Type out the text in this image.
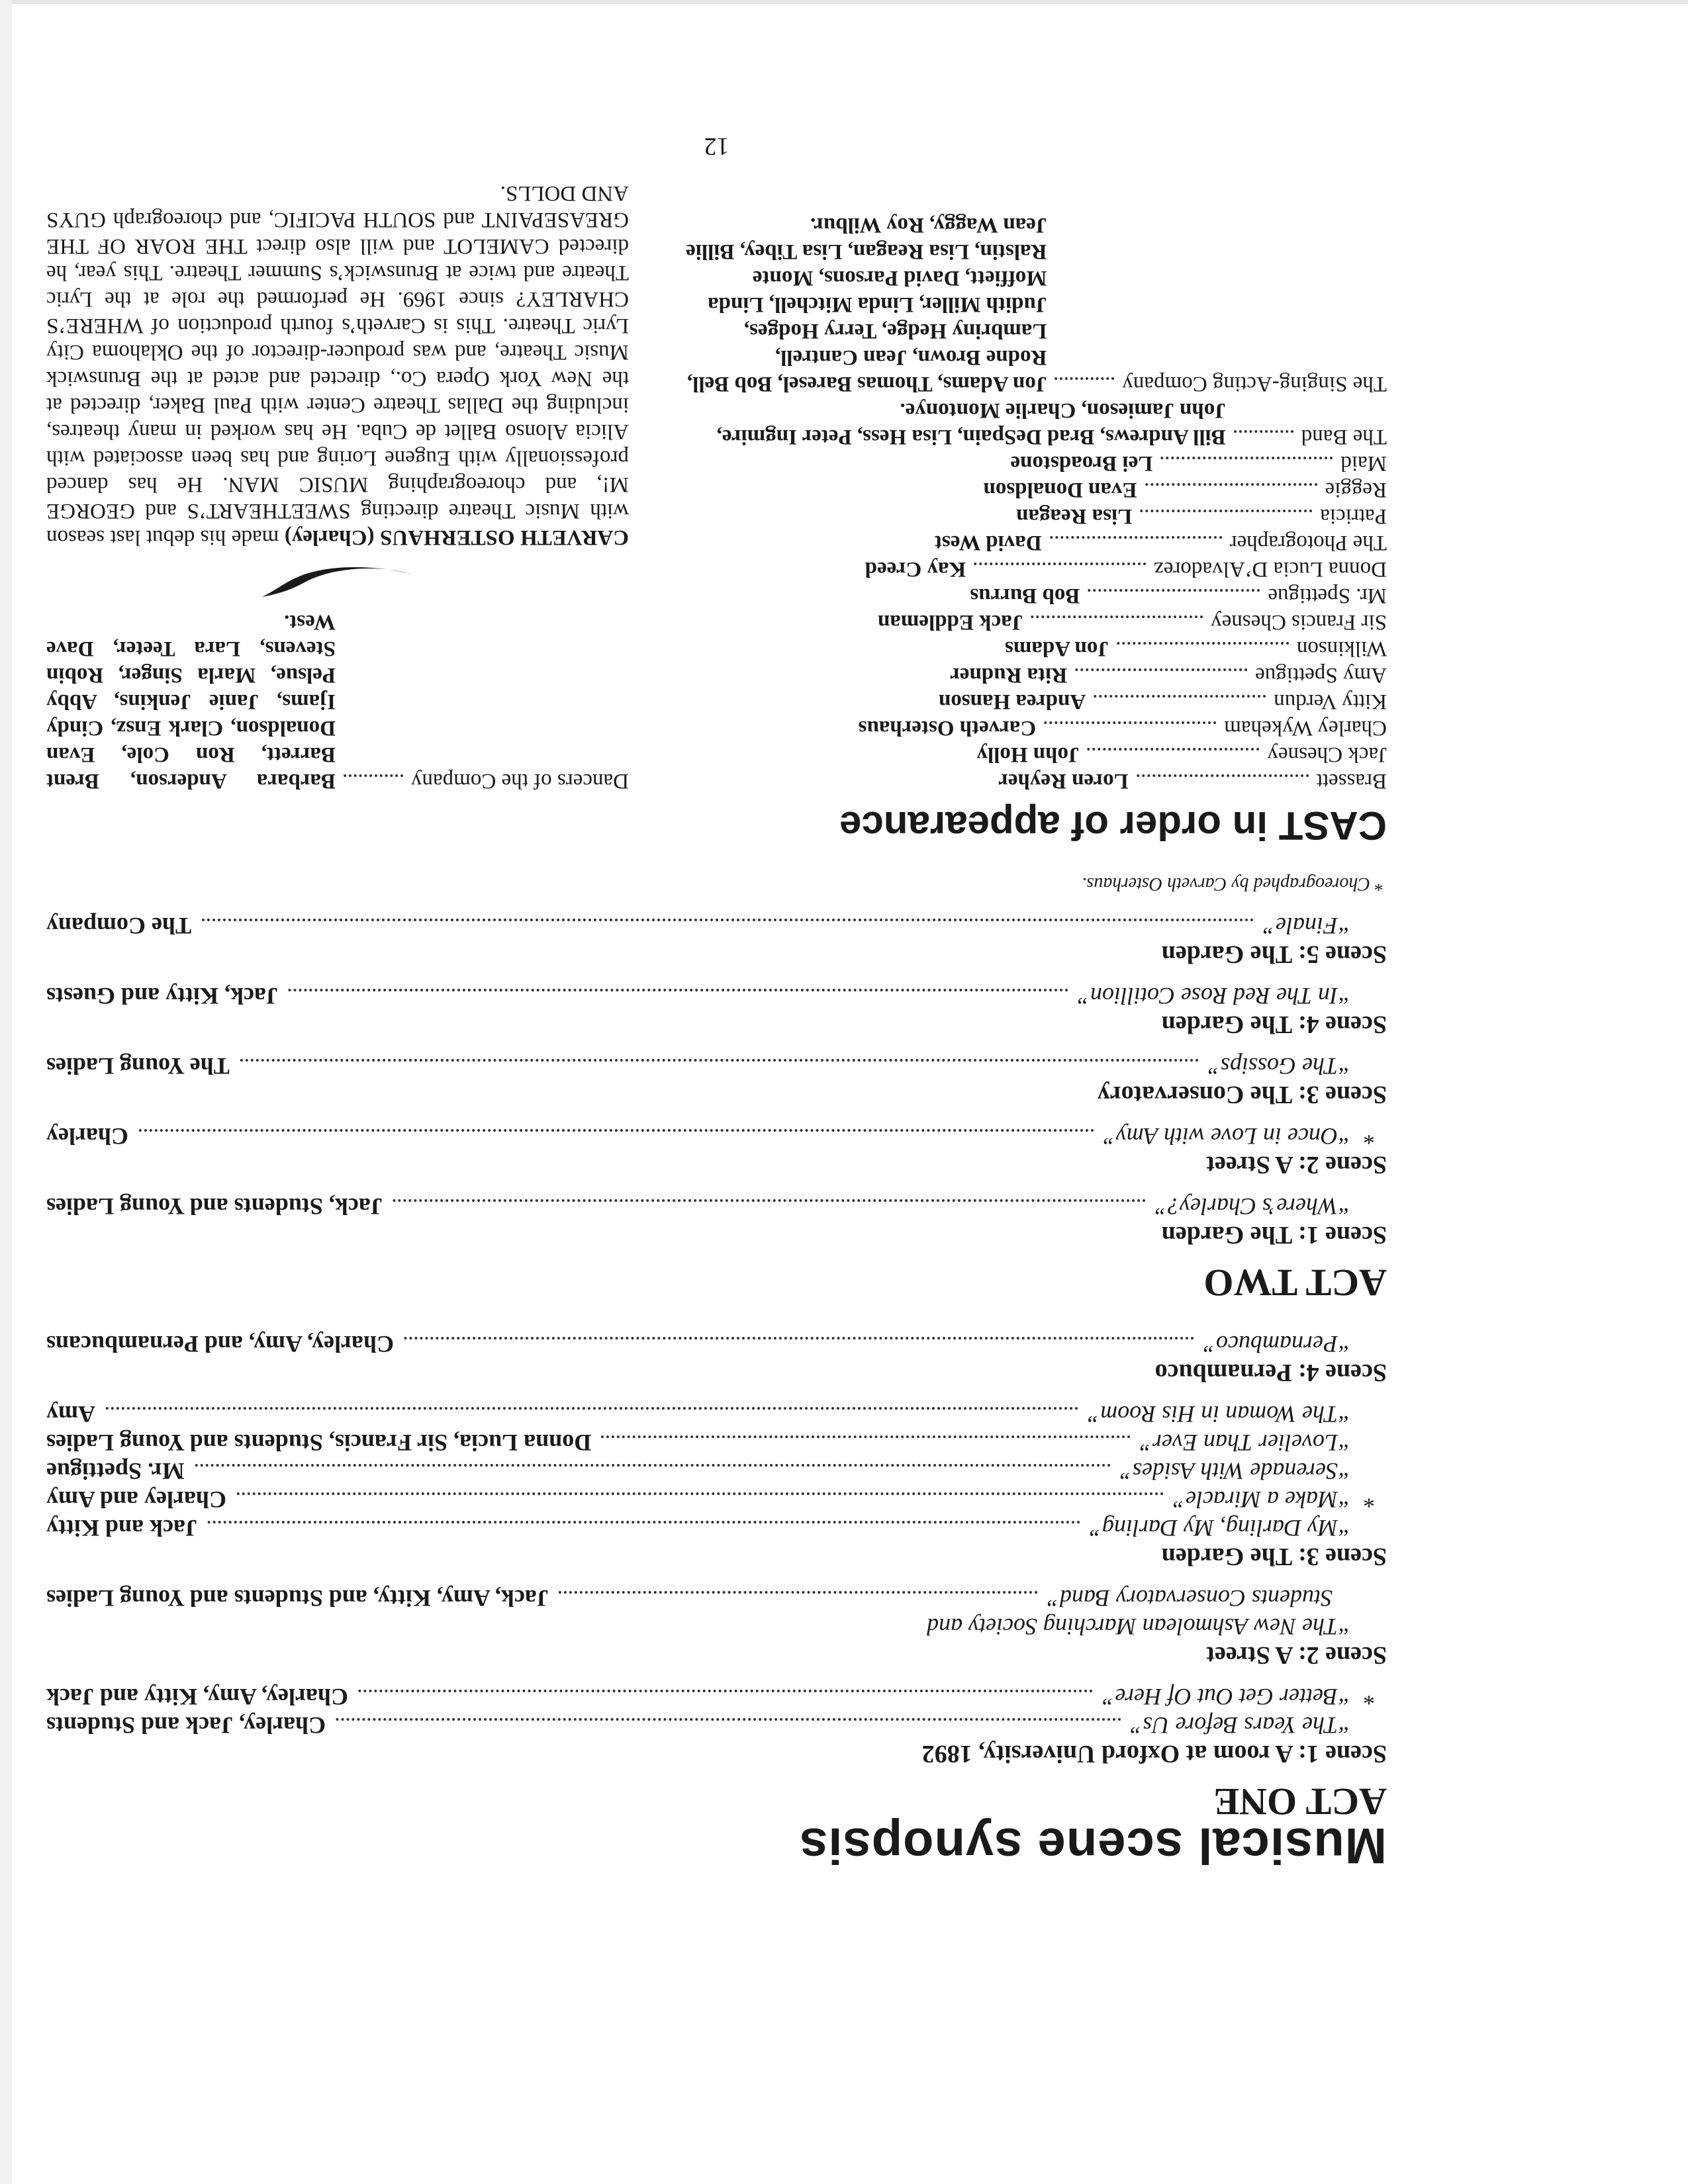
Musical scene synopsis
ACT ONE
Scene 1: A room at Oxford University, 1892
“The Years Before Us”
Charley, Jack and Students
*
“Better Get Out Of Here”
Charley, Amy, Kitty and Jack
Scene 2: A Street
“The New Ashmolean Marching Society and
Students Conservatory Band”
Jack, Amy, Kitty, and Students and Young Ladies
Scene 3: The Garden
“My Darling, My Darling”
Jack and Kitty
*
“Make a Miracle”
Charley and Amy
“Serenade With Asides”
Mr. Spettigue
“Lovelier Than Ever”
Donna Lucia, Sir Francis, Students and Young Ladies
“The Woman in His Room”
Amy
Scene 4: Pernambuco
“Pernambuco”
Charley, Amy, and Pernambucans
ACT TWO
Scene 1: The Garden
“Where’s Charley?”
Jack, Students and Young Ladies
Scene 2: A Street
*
“Once in Love with Amy”
Charley
Scene 3: The Conservatory
“The Gossips”
The Young Ladies
Scene 4: The Garden
“In The Red Rose Cotillion”
Jack, Kitty and Guests
Scene 5: The Garden
“Finale”
The Company
* Choreographed by Carveth Osterhaus.
CAST in order of appearance
Brassett
Loren Reyher
Jack Chesney
John Holly
Charley Wykeham
Carveth Osterhaus
Kitty Verdun
Andrea Hanson
Amy Spettigue
Rita Rudner
Wilkinson
Jon Adams
Sir Francis Chesney
Jack Eddleman
Mr. Spettigue
Bob Burrus
Donna Lucia D’Alvadorez
Kay Creed
The Photographer
David West
Patricia
Lisa Reagan
Reggie
Evan Donaldson
Maid
Lei Broadstone
The Band
Bill Andrews, Brad DeSpain, Lisa Hess, Peter Ingmire, John Jamieson, Charlie Montonye.
The Singing-Acting Company
Jon Adams, Thomas Baresel, Bob Bell, Rodne Brown, Jean Cantrell, Lambriny Hedge, Terry Hodges, Judith Miller, Linda Mitchell, Linda Moffiett, David Parsons, Monte Ralstin, Lisa Reagan, Lisa Tibey, Billie Jean Waggy, Roy Wilbur.
Dancers of the Company
Barbara Anderson, Brent Barrett, Ron Cole, Evan Donaldson, Clark Ensz, Cindy Ijams, Janie Jenkins, Abby Pelsue, Marla Singer, Robin Stevens, Lara Teeter, Dave West.
CARVETH OSTERHAUS (Charley) made his debut last season with Music Theatre directing SWEETHEART’S and GEORGE M!, and choreographing MUSIC MAN. He has danced professionally with Eugene Loring and has been associated with Alicia Alonso Ballet de Cuba. He has worked in many theatres, including the Dallas Theatre Center with Paul Baker, directed at the New York Opera Co., directed and acted at the Brunswick Music Theatre, and was producer-director of the Oklahoma City Lyric Theatre. This is Carveth’s fourth production of WHERE’S CHARLEY? since 1969. He performed the role at the Lyric Theatre and twice at Brunswick’s Summer Theatre. This year, he directed CAMELOT and will also direct THE ROAR OF THE GREASEPAINT and SOUTH PACIFIC, and choreograph GUYS AND DOLLS.
12
